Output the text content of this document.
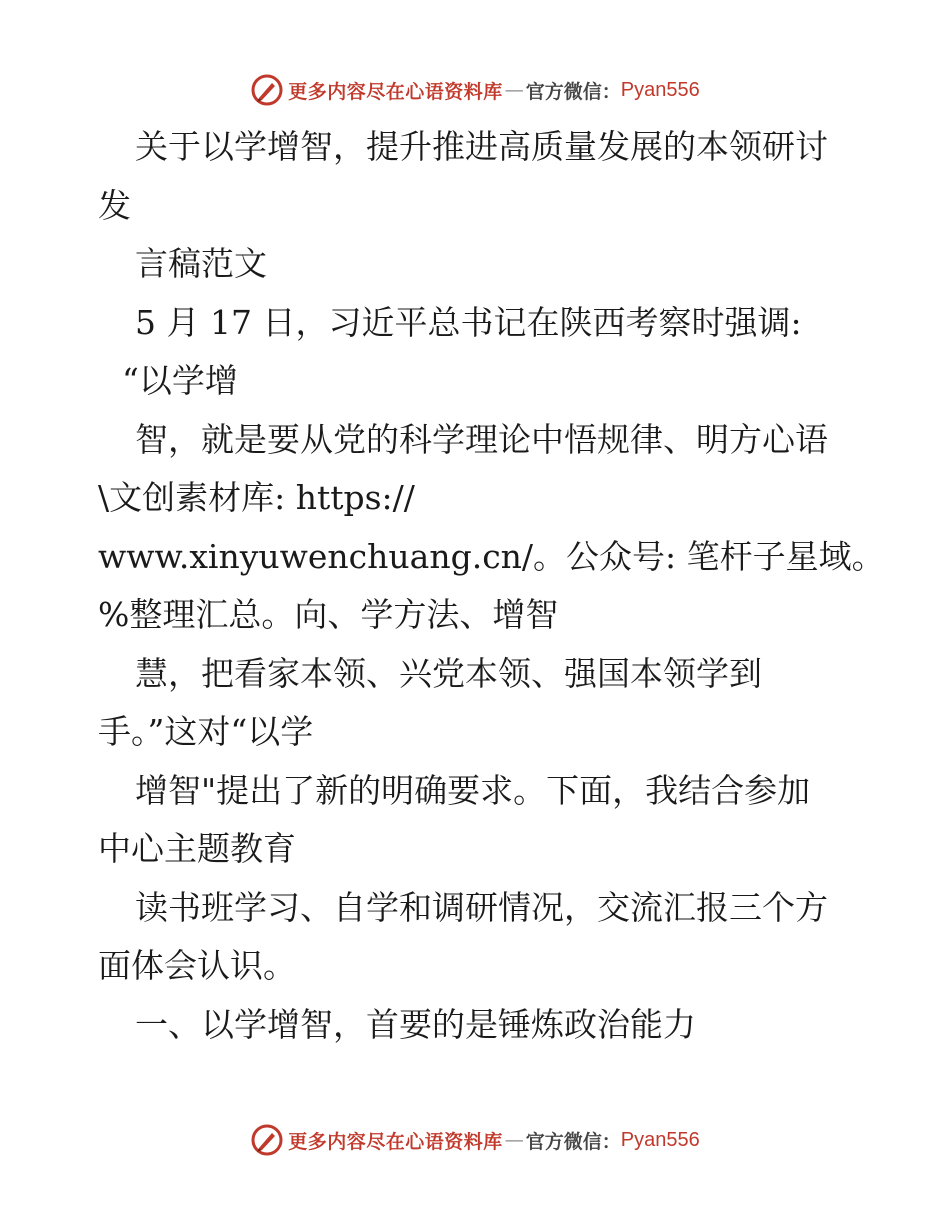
更多内容尽在心语资料库 — 官方微信： Pyan556
关于以学增智，提升推进高质量发展的本领研讨
发
言稿范文
5 月 17 日，习近平总书记在陕西考察时强调:
“以学增
智，就是要从党的科学理论中悟规律、明方心语
\文创素材库: https://
www.xinyuwenchuang.cn/。公众号: 笔杆子星域。
%整理汇总。向、学方法、增智
慧，把看家本领、兴党本领、强国本领学到
手。”这对“以学
增智"提出了新的明确要求。下面，我结合参加
中心主题教育
读书班学习、自学和调研情况，交流汇报三个方
面体会认识。
一、以学增智，首要的是锤炼政治能力
更多内容尽在心语资料库 — 官方微信： Pyan556
